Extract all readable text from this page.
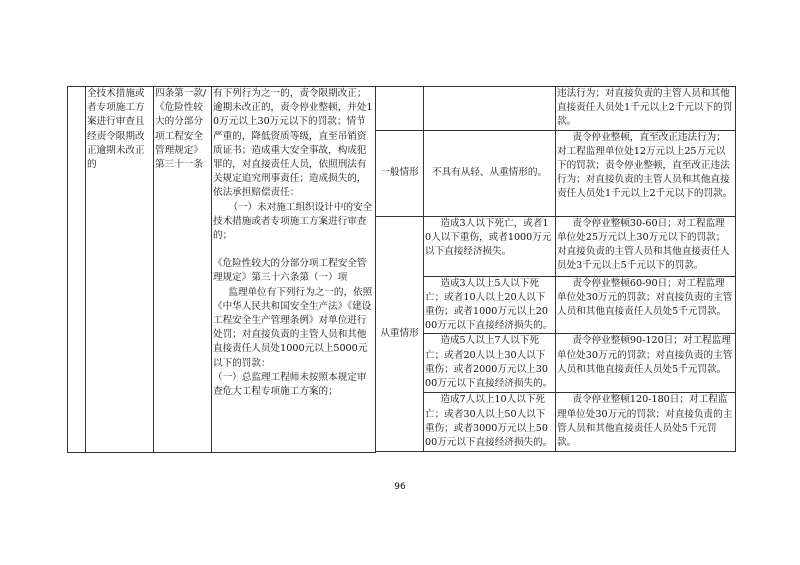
	全技术措施或者专项施工方案进行审查且经责令限期改正逾期未改正的	四条第一款/《危险性较大的分部分项工程安全管理规定》第三十一条	有下列行为之一的，责令限期改正；逾期未改正的，责令停业整顿，并处10万元以上30万元以下的罚款；情节严重的，降低资质等级，直至吊销资质证书；造成重大安全事故，构成犯罪的，对直接责任人员，依照刑法有关规定追究刑事责任；造成损失的，依法承担赔偿责任：
（一）未对施工组织设计中的安全技术措施或者专项施工方案进行审查的；
《危险性较大的分部分项工程安全管理规定》第三十六条第（一）项
监理单位有下列行为之一的，依照《中华人民共和国安全生产法》《建设工程安全生产管理条例》对单位进行处罚；对直接负责的主管人员和其他直接责任人员处1000元以上5000元以下的罚款：
（一）总监理工程师未按照本规定审查危大工程专项施工方案的；			违法行为；对直接负责的主管人员和其他直接责任人员处1千元以上2千元以下的罚款。

				一般情形	不具有从轻、从重情形的。	责令停业整顿，直至改正违法行为；对工程监理单位处12万元以上25万元以下的罚款；责令停业整顿，直至改正违法行为；对直接负责的主管人员和其他直接责任人员处1千元以上2千元以下的罚款。

				从重情形	造成3人以下死亡，或者10人以下重伤，或者1000万元以下直接经济损失。	责令停业整顿30-60日；对工程监理单位处25万元以上30万元以下的罚款；对直接负责的主管人员和其他直接责任人员处3千元以上5千元以下的罚款。

					造成3人以上5人以下死亡；或者10人以上20人以下重伤；或者1000万元以上2000万元以下直接经济损失的。	责令停业整顿60-90日；对工程监理单位处30万元的罚款；对直接负责的主管人员和其他直接责任人员处5千元罚款。

					造成5人以上7人以下死亡；或者20人以上30人以下重伤；或者2000万元以上3000万元以下直接经济损失的。	责令停业整顿90-120日；对工程监理单位处30万元的罚款；对直接负责的主管人员和其他直接责任人员处5千元罚款。

					造成7人以上10人以下死亡；或者30人以上50人以下重伤；或者3000万元以上5000万元以下直接经济损失的。	责令停业整顿120-180日；对工程监理单位处30万元的罚款；对直接负责的主管人员和其他直接责任人员处5千元罚款。

96
